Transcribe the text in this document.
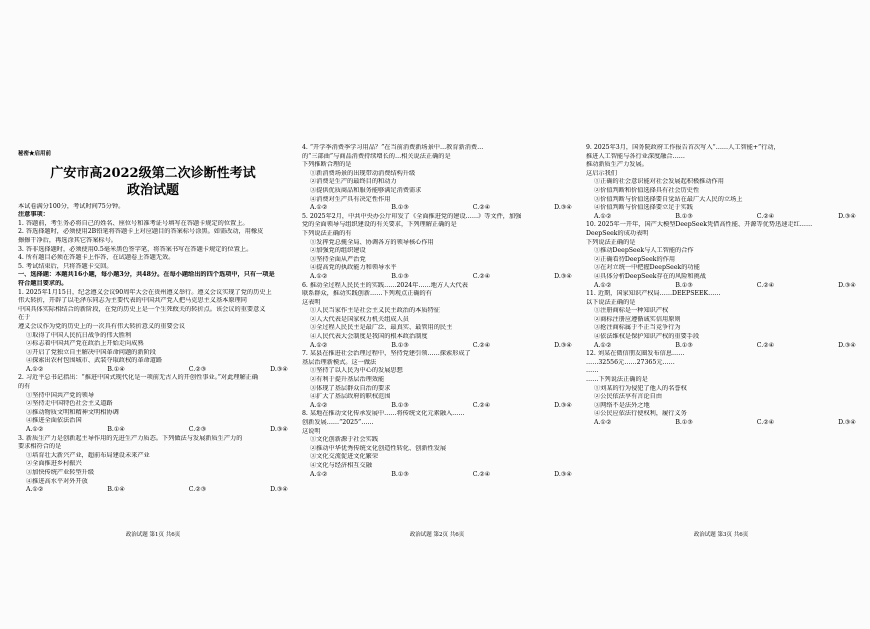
秘密★启用前

广安市高2022级第二次诊断性考试

政治试题

本试卷满分100分，考试时间75分钟。

注意事项：

1. 答题前，考生务必将自己的姓名、座位号和准考证号填写在答题卡规定的位置上。

2. 答选择题时，必须使用2B铅笔将答题卡上对应题目的答案标号涂黑。如需改动，用橡皮

擦擦干净后，再选涂其它答案标号。

3. 答非选择题时，必须使用0.5毫米黑色签字笔，将答案书写在答题卡规定的位置上。

4. 所有题目必须在答题卡上作答，在试题卷上答题无效。

5. 考试结束后，只将答题卡交回。

一、选择题：本题共16小题，每小题3分，共48分。在每小题给出的四个选项中，只有一项是

符合题目要求的。

1. 2025年1月15日，纪念遵义会议90周年大会在贵州遵义举行。遵义会议实现了党的历史上

伟大转折，开辟了以毛泽东同志为主要代表的中国共产党人把马克思主义基本原理同

中国具体实际相结合的新阶段，在党的历史上是一个生死攸关的转折点。该会议的重要意义

在于

遵义会议作为党的历史上的一次具有伟大转折意义的重要会议

①取得了中国人民抗日战争的伟大胜利

②标志着中国共产党在政治上开始走向成熟

③开启了党独立自主解决中国革命问题的新阶段

④探索出农村包围城市、武装夺取政权的革命道路

A.①②	B.①④	C.②③	D.③④

2. 习近平总书记指出：“推进中国式现代化是一项前无古人的开创性事业。”对此理解正确

的有

①坚持中国共产党的领导

②坚持走中国特色社会主义道路

③推动物质文明和精神文明相协调

④推进全面依法治国

A.①②	B.①④	C.②③	D.③④

3. 新质生产力是创新起主导作用的先进生产力质态。下列做法与发展新质生产力的

要求相符合的是

①培育壮大新兴产业，超前布局建设未来产业

②全面推进乡村振兴

③加快传统产业转型升级

④推进高水平对外开放

A.①②	B.①④	C.②③	D.③④

政治试题 第1页 共6页

4. “开学季消费季学习用品？”在当前消费新场景中…教育新消费…

的“三部曲”与商品消费持续增长的…相关说法正确的是

下列推断合理的是

①新消费场景的出现带动消费结构升级

②消费是生产的最终目的和动力

③提供优质商品和服务能够满足消费需求

④消费对生产具有决定性作用

A.①②	B.①③	C.②④	D.③④

5. 2025年2月，中共中央办公厅印发了《全面推进党的建设……》等文件，加强

党的全面领导与组织建设的有关要求，下列理解正确的是

下列说法正确的有

①发挥党总揽全局、协调各方的领导核心作用

②加强党的组织建设

③坚持全面从严治党

④提高党的执政能力和领导水平

A.①②	B.①③	C.②④	D.③④

6. 推动全过程人民民主的实践……2024年……地方人大代表

联系群众，推动实践创新……下列观点正确的有

这表明

①人民当家作主是社会主义民主政治的本质特征

②人大代表是国家权力机关组成人员

③全过程人民民主是最广泛、最真实、最管用的民主

④人民代表大会制度是我国的根本政治制度

A.①②	B.①③	C.②④	D.③④

7. 某县在推进社会治理过程中，坚持党建引领……探索形成了

基层治理新模式。这一做法

①坚持了以人民为中心的发展思想

②有利于提升基层治理效能

③体现了基层群众自治的要求

④扩大了基层政府的职权范围

A.①②	B.①③	C.②④	D.③④

8. 某地在推动文化传承发展中……将传统文化元素融入……

创新发展……“2025”……

这说明

①文化创新源于社会实践

②推动中华优秀传统文化创造性转化、创新性发展

③文化交流促进文化繁荣

④文化与经济相互交融

A.①②	B.①③	C.②④	D.③④

政治试题 第2页 共6页

9. 2025年3月，国务院政府工作报告首次写入“……人工智能+”行动，

推进人工智能与各行业深度融合……

推动新质生产力发展。

这启示我们

①正确的社会意识能对社会发展起积极推动作用

②价值判断和价值选择具有社会历史性

③价值判断与价值选择要自觉站在最广大人民的立场上

④价值判断与价值选择要立足于实践

A.①②	B.①③	C.②④	D.③④

10. 2025年一开年，国产大模型DeepSeek凭借高性能、开源等优势迅速走红……

DeepSeek的成功表明

下列说法正确的是

①推动DeepSeek与人工智能的合作

②正确看待DeepSeek的作用

③在对立统一中把握DeepSeek的功能

④具体分析DeepSeek存在的风险和挑战

A.①②	B.①③	C.②④	D.③④

11. 近期，国家知识产权局……DEEPSEEK……

以下说法正确的是

①注册商标是一种知识产权

②商标注册应遵循诚实信用原则

③抢注商标属于不正当竞争行为

④依法维权是保护知识产权的重要手段

A.①②	B.①③	C.②④	D.③④

12. 刘某在微信朋友圈发布信息……

……32556元……27365元……

……

……下列说法正确的是

①刘某的行为侵犯了他人的名誉权

②公民依法享有言论自由

③网络不是法外之地

④公民应依法行使权利，履行义务

A.①②	B.①③	C.②④	D.③④

政治试题 第3页 共6页
